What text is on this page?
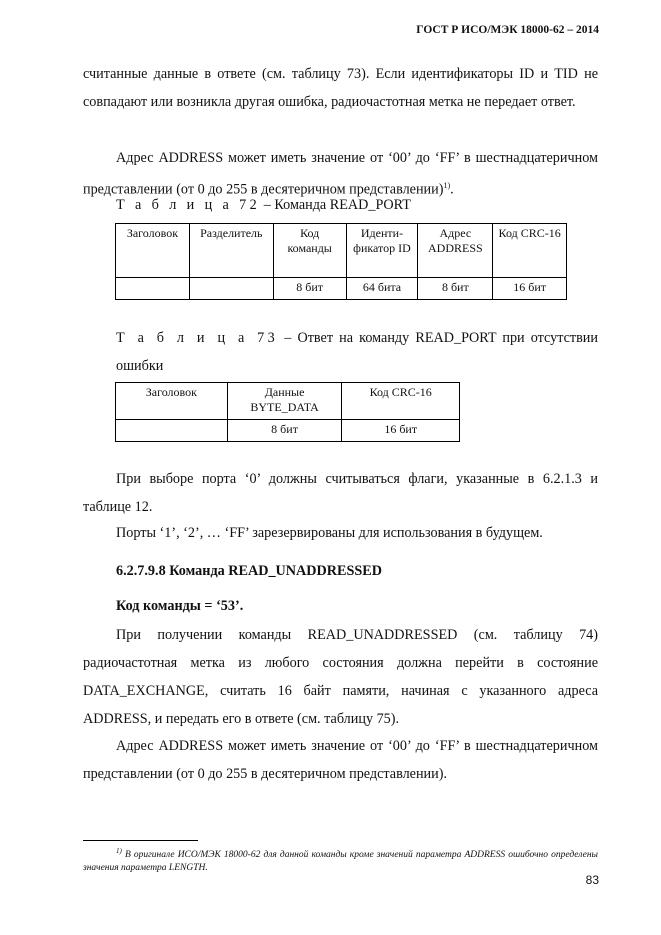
ГОСТ Р ИСО/МЭК 18000-62 – 2014
считанные данные в ответе (см. таблицу 73). Если идентификаторы ID и TID не совпадают или возникла другая ошибка, радиочастотная метка не передает ответ.
Адрес ADDRESS может иметь значение от ‘00’ до ‘FF’ в шестнадцатеричном представлении (от 0 до 255 в десятеричном представлении)$^{1)}$.
Т а б л и ц а 72 – Команда READ_PORT
Заголовок	Разделитель	Код команды	Иденти-фикатор ID	Адрес ADDRESS	Код CRC-16
		8 бит	64 бита	8 бит	16 бит
Т а б л и ц а 73 – Ответ на команду READ_PORT при отсутствии ошибки
Заголовок	Данные BYTE_DATA	Код CRC-16
	8 бит	16 бит
При выборе порта ‘0’ должны считываться флаги, указанные в 6.2.1.3 и таблице 12.
Порты ‘1’, ‘2’, … ‘FF’ зарезервированы для использования в будущем.
6.2.7.9.8 Команда READ_UNADDRESSED
Код команды = ‘53’.
При получении команды READ_UNADDRESSED (см. таблицу 74) радиочастотная метка из любого состояния должна перейти в состояние DATA_EXCHANGE, считать 16 байт памяти, начиная с указанного адреса ADDRESS, и передать его в ответе (см. таблицу 75).
Адрес ADDRESS может иметь значение от ‘00’ до ‘FF’ в шестнадцатеричном представлении (от 0 до 255 в десятеричном представлении).
$^{1)}$ В оригинале ИСО/МЭК 18000-62 для данной команды кроме значений параметра ADDRESS ошибочно определены значения параметра LENGTH.
83
